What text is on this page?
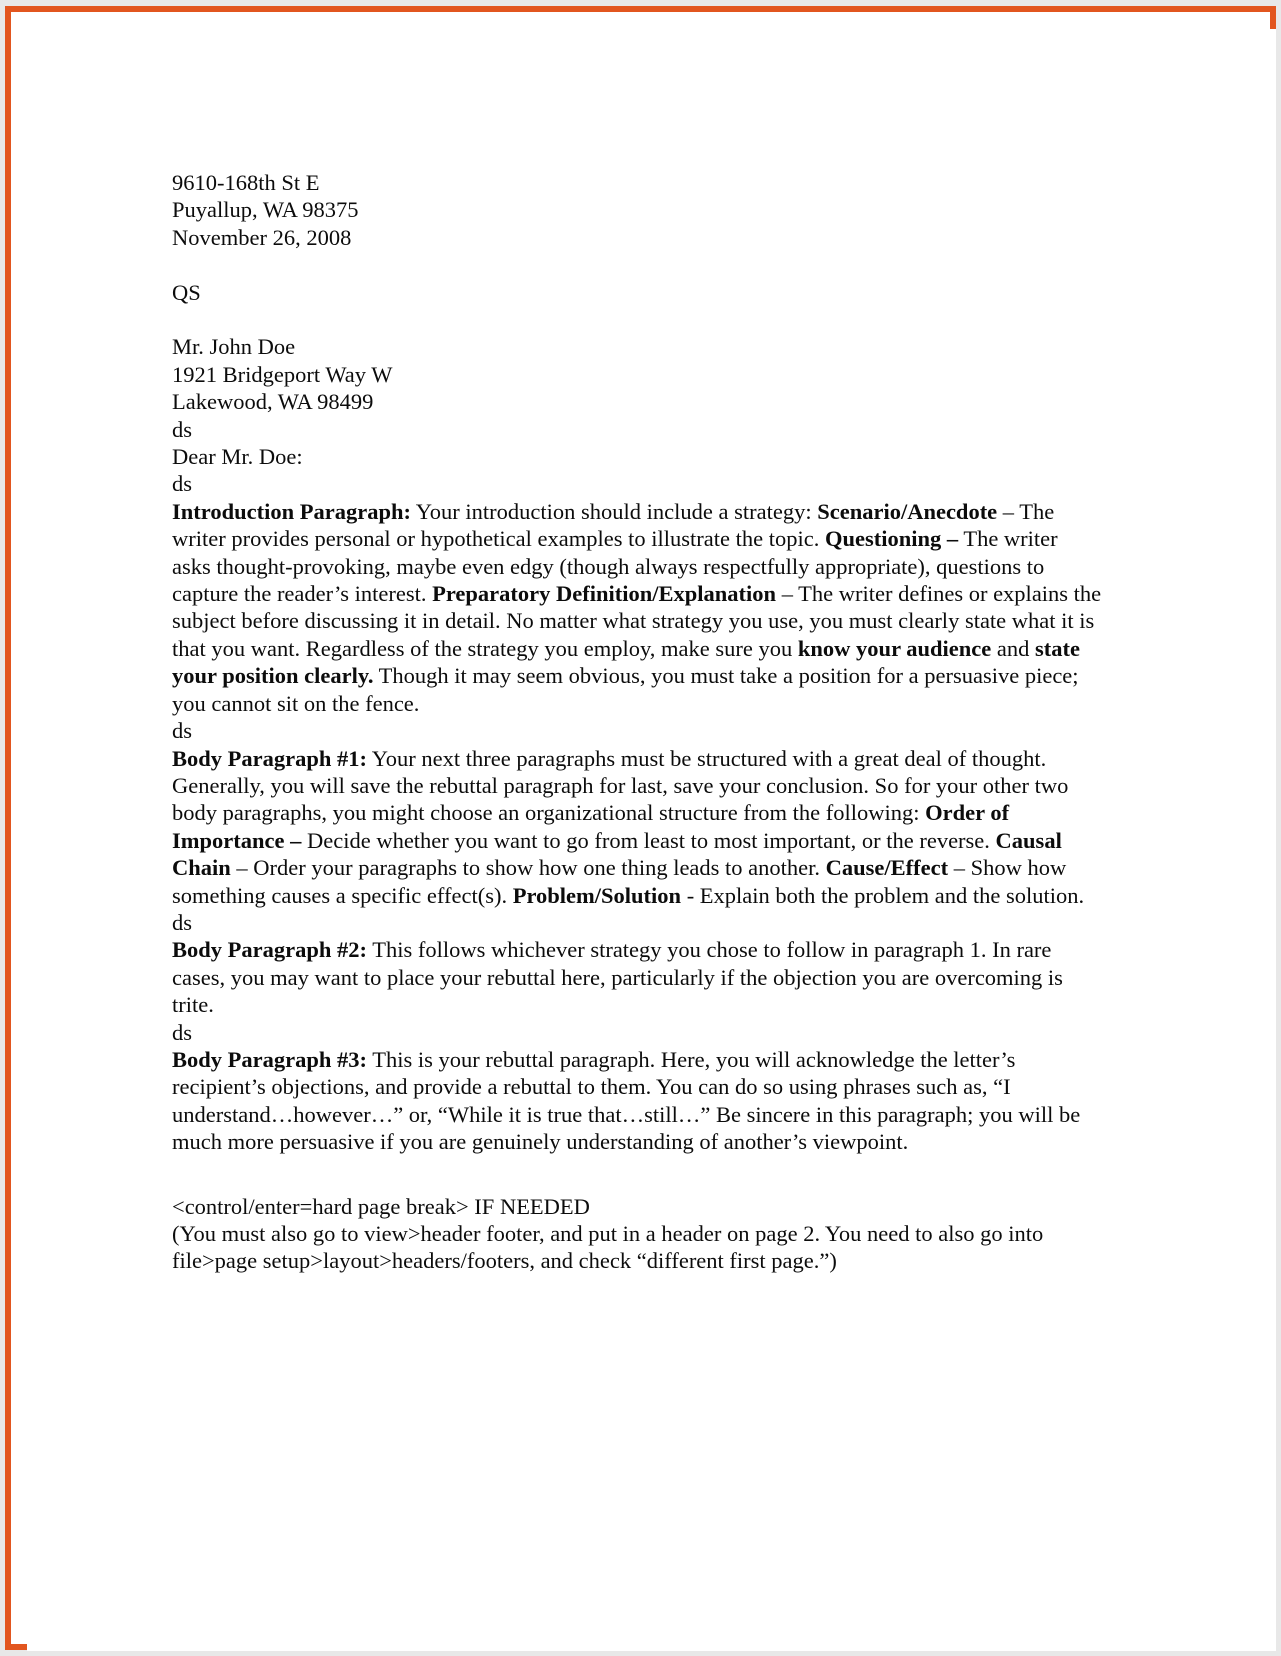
9610-168th St E
Puyallup, WA 98375
November 26, 2008
QS
Mr. John Doe
1921 Bridgeport Way W
Lakewood, WA 98499
ds
Dear Mr. Doe:
ds

Introduction Paragraph: Your introduction should include a strategy: Scenario/Anecdote – The writer provides personal or hypothetical examples to illustrate the topic. Questioning – The writer asks thought-provoking, maybe even edgy (though always respectfully appropriate), questions to capture the reader’s interest. Preparatory Definition/Explanation – The writer defines or explains the subject before discussing it in detail. No matter what strategy you use, you must clearly state what it is that you want. Regardless of the strategy you employ, make sure you know your audience and state your position clearly. Though it may seem obvious, you must take a position for a persuasive piece; you cannot sit on the fence.

ds

Body Paragraph #1: Your next three paragraphs must be structured with a great deal of thought. Generally, you will save the rebuttal paragraph for last, save your conclusion. So for your other two body paragraphs, you might choose an organizational structure from the following: Order of Importance – Decide whether you want to go from least to most important, or the reverse. Causal Chain – Order your paragraphs to show how one thing leads to another. Cause/Effect – Show how something causes a specific effect(s). Problem/Solution - Explain both the problem and the solution.

ds

Body Paragraph #2: This follows whichever strategy you chose to follow in paragraph 1. In rare cases, you may want to place your rebuttal here, particularly if the objection you are overcoming is trite.

ds

Body Paragraph #3: This is your rebuttal paragraph. Here, you will acknowledge the letter’s recipient’s objections, and provide a rebuttal to them. You can do so using phrases such as, “I understand…however…” or, “While it is true that…still…” Be sincere in this paragraph; you will be much more persuasive if you are genuinely understanding of another’s viewpoint.

<control/enter=hard page break> IF NEEDED

(You must also go to view>header footer, and put in a header on page 2. You need to also go into file>page setup>layout>headers/footers, and check “different first page.”)
